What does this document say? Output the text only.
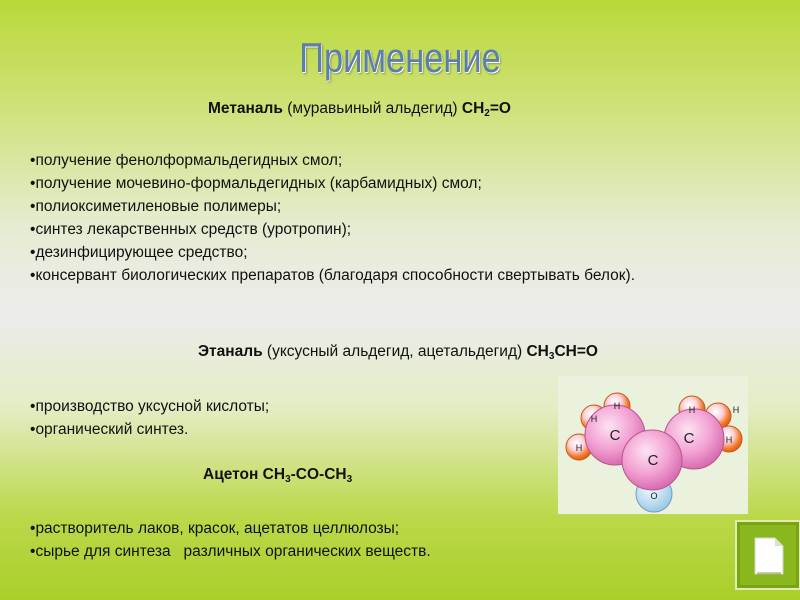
Применение
Метаналь (муравьиный альдегид) $CH_2=O$
• получение фенолформальдегидных смол;
• получение мочевино-формальдегидных (карбамидных) смол;
• полиоксиметиленовые полимеры;
• синтез лекарственных средств (уротропин);
• дезинфицирующее средство;
• консервант биологических препаратов (благодаря способности свертывать белок).
Этаналь (уксусный альдегид, ацетальдегид) $CH_3CH=O$
• производство уксусной кислоты;
• органический синтез.
Ацетон $CH_3-CO-CH_3$
• растворитель лаков, красок, ацетатов целлюлозы;
• сырье для синтеза   различных органических веществ.
C	C
C
H
H
H
H	H
H
O
